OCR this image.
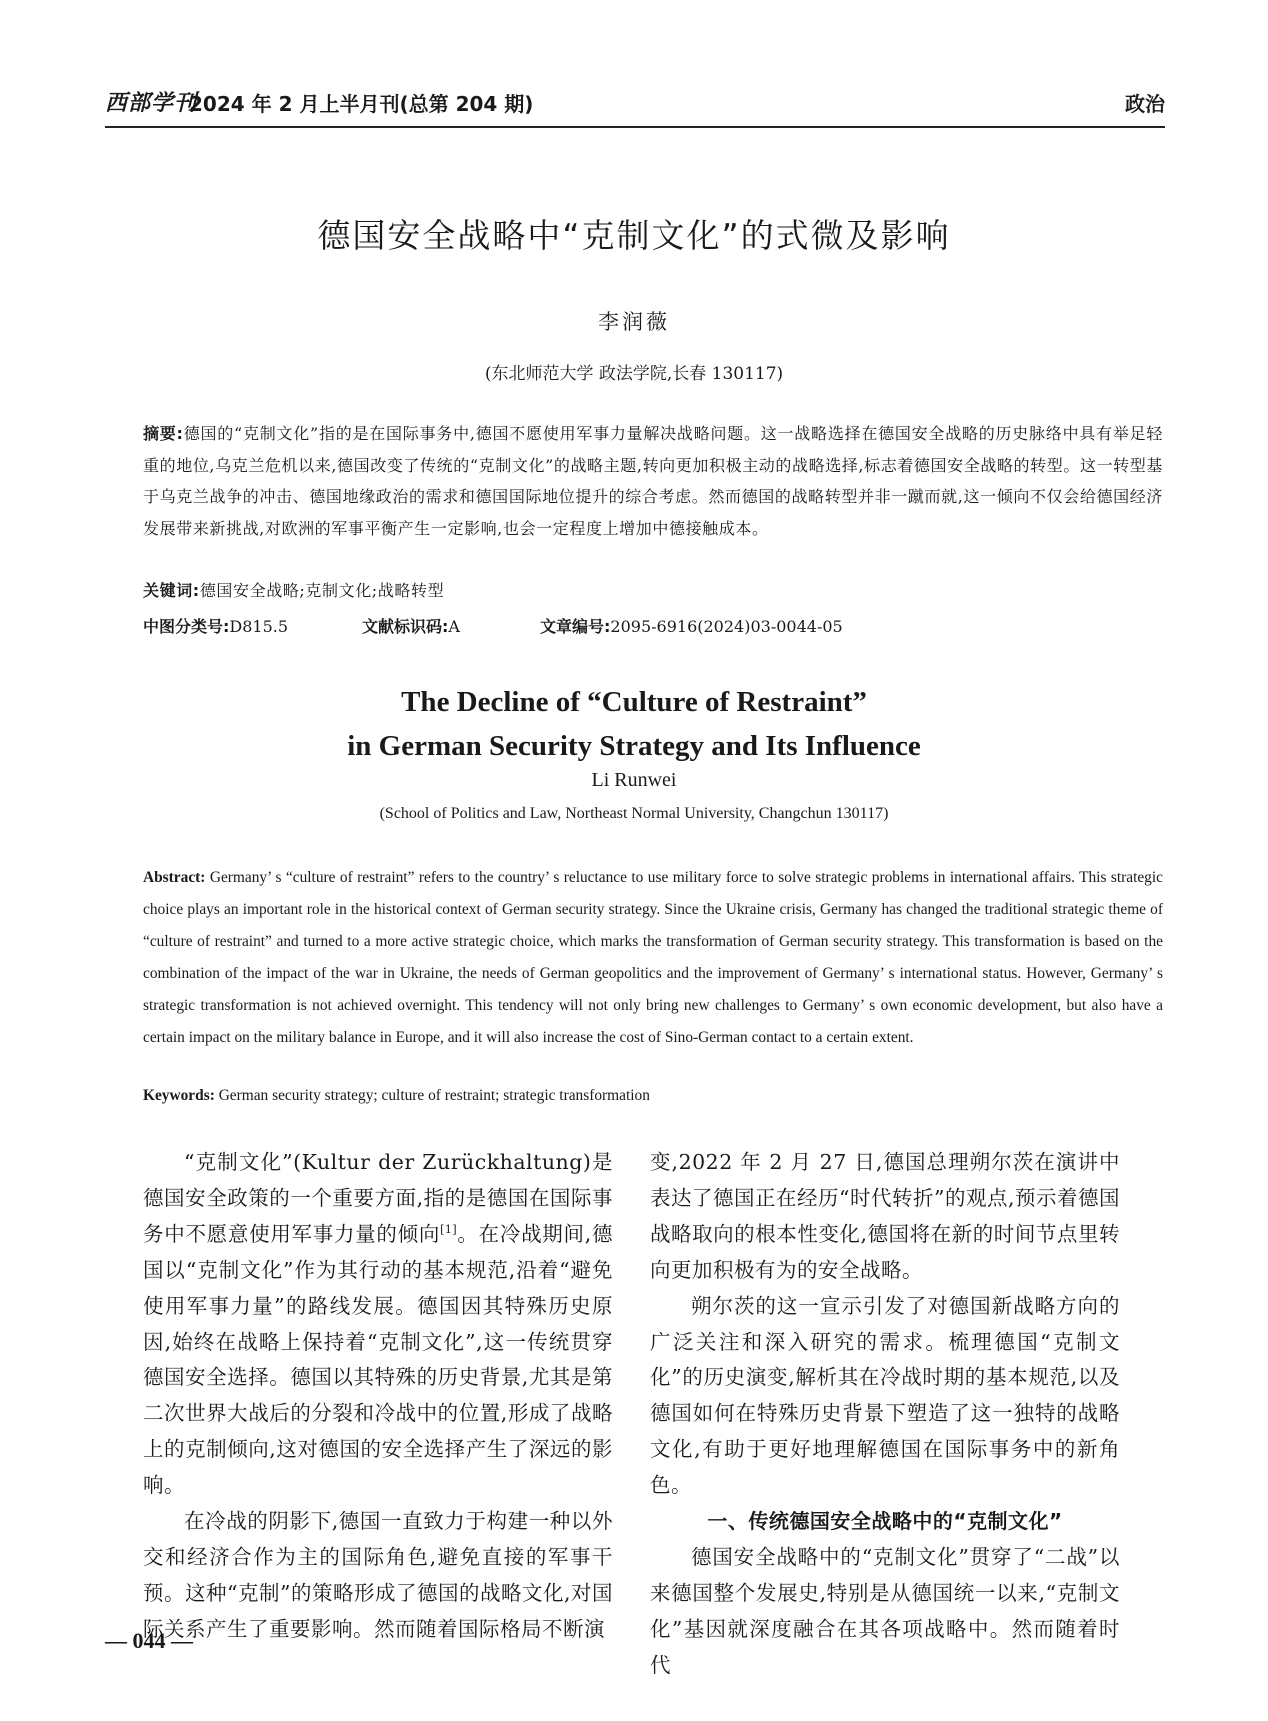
西部学刊
2024 年 2 月上半月刊(总第 204 期)	政治
德国安全战略中“克制文化”的式微及影响
李润薇
(东北师范大学 政法学院,长春 130117)
摘要:德国的“克制文化”指的是在国际事务中,德国不愿使用军事力量解决战略问题。这一战略选择在德国安全战略的历史脉络中具有举足轻重的地位,乌克兰危机以来,德国改变了传统的“克制文化”的战略主题,转向更加积极主动的战略选择,标志着德国安全战略的转型。这一转型基于乌克兰战争的冲击、德国地缘政治的需求和德国国际地位提升的综合考虑。然而德国的战略转型并非一蹴而就,这一倾向不仅会给德国经济发展带来新挑战,对欧洲的军事平衡产生一定影响,也会一定程度上增加中德接触成本。
关键词:德国安全战略;克制文化;战略转型
中图分类号:D815.5	文献标识码:A	文章编号:2095-6916(2024)03-0044-05
The Decline of “Culture of Restraint”
in German Security Strategy and Its Influence
Li Runwei
(School of Politics and Law, Northeast Normal University, Changchun 130117)
Abstract: Germany’ s “culture of restraint” refers to the country’ s reluctance to use military force to solve strategic problems in international affairs. This strategic choice plays an important role in the historical context of German security strategy. Since the Ukraine crisis, Germany has changed the traditional strategic theme of “culture of restraint” and turned to a more active strategic choice, which marks the transformation of German security strategy. This transformation is based on the combination of the impact of the war in Ukraine, the needs of German geopolitics and the improvement of Germany’ s international status. However, Germany’ s strategic transformation is not achieved overnight. This tendency will not only bring new challenges to Germany’ s own economic development, but also have a certain impact on the military balance in Europe, and it will also increase the cost of Sino-German contact to a certain extent.
Keywords: German security strategy; culture of restraint; strategic transformation

“克制文化”(Kultur der Zurückhaltung)是德国安全政策的一个重要方面,指的是德国在国际事务中不愿意使用军事力量的倾向[1]。在冷战期间,德国以“克制文化”作为其行动的基本规范,沿着“避免使用军事力量”的路线发展。德国因其特殊历史原因,始终在战略上保持着“克制文化”,这一传统贯穿德国安全选择。德国以其特殊的历史背景,尤其是第二次世界大战后的分裂和冷战中的位置,形成了战略上的克制倾向,这对德国的安全选择产生了深远的影响。

在冷战的阴影下,德国一直致力于构建一种以外交和经济合作为主的国际角色,避免直接的军事干预。这种“克制”的策略形成了德国的战略文化,对国际关系产生了重要影响。然而随着国际格局不断演

变,2022 年 2 月 27 日,德国总理朔尔茨在演讲中表达了德国正在经历“时代转折”的观点,预示着德国战略取向的根本性变化,德国将在新的时间节点里转向更加积极有为的安全战略。

朔尔茨的这一宣示引发了对德国新战略方向的广泛关注和深入研究的需求。梳理德国“克制文化”的历史演变,解析其在冷战时期的基本规范,以及德国如何在特殊历史背景下塑造了这一独特的战略文化,有助于更好地理解德国在国际事务中的新角色。

一、传统德国安全战略中的“克制文化”

德国安全战略中的“克制文化”贯穿了“二战”以来德国整个发展史,特别是从德国统一以来,“克制文化”基因就深度融合在其各项战略中。然而随着时代

— 044 —
